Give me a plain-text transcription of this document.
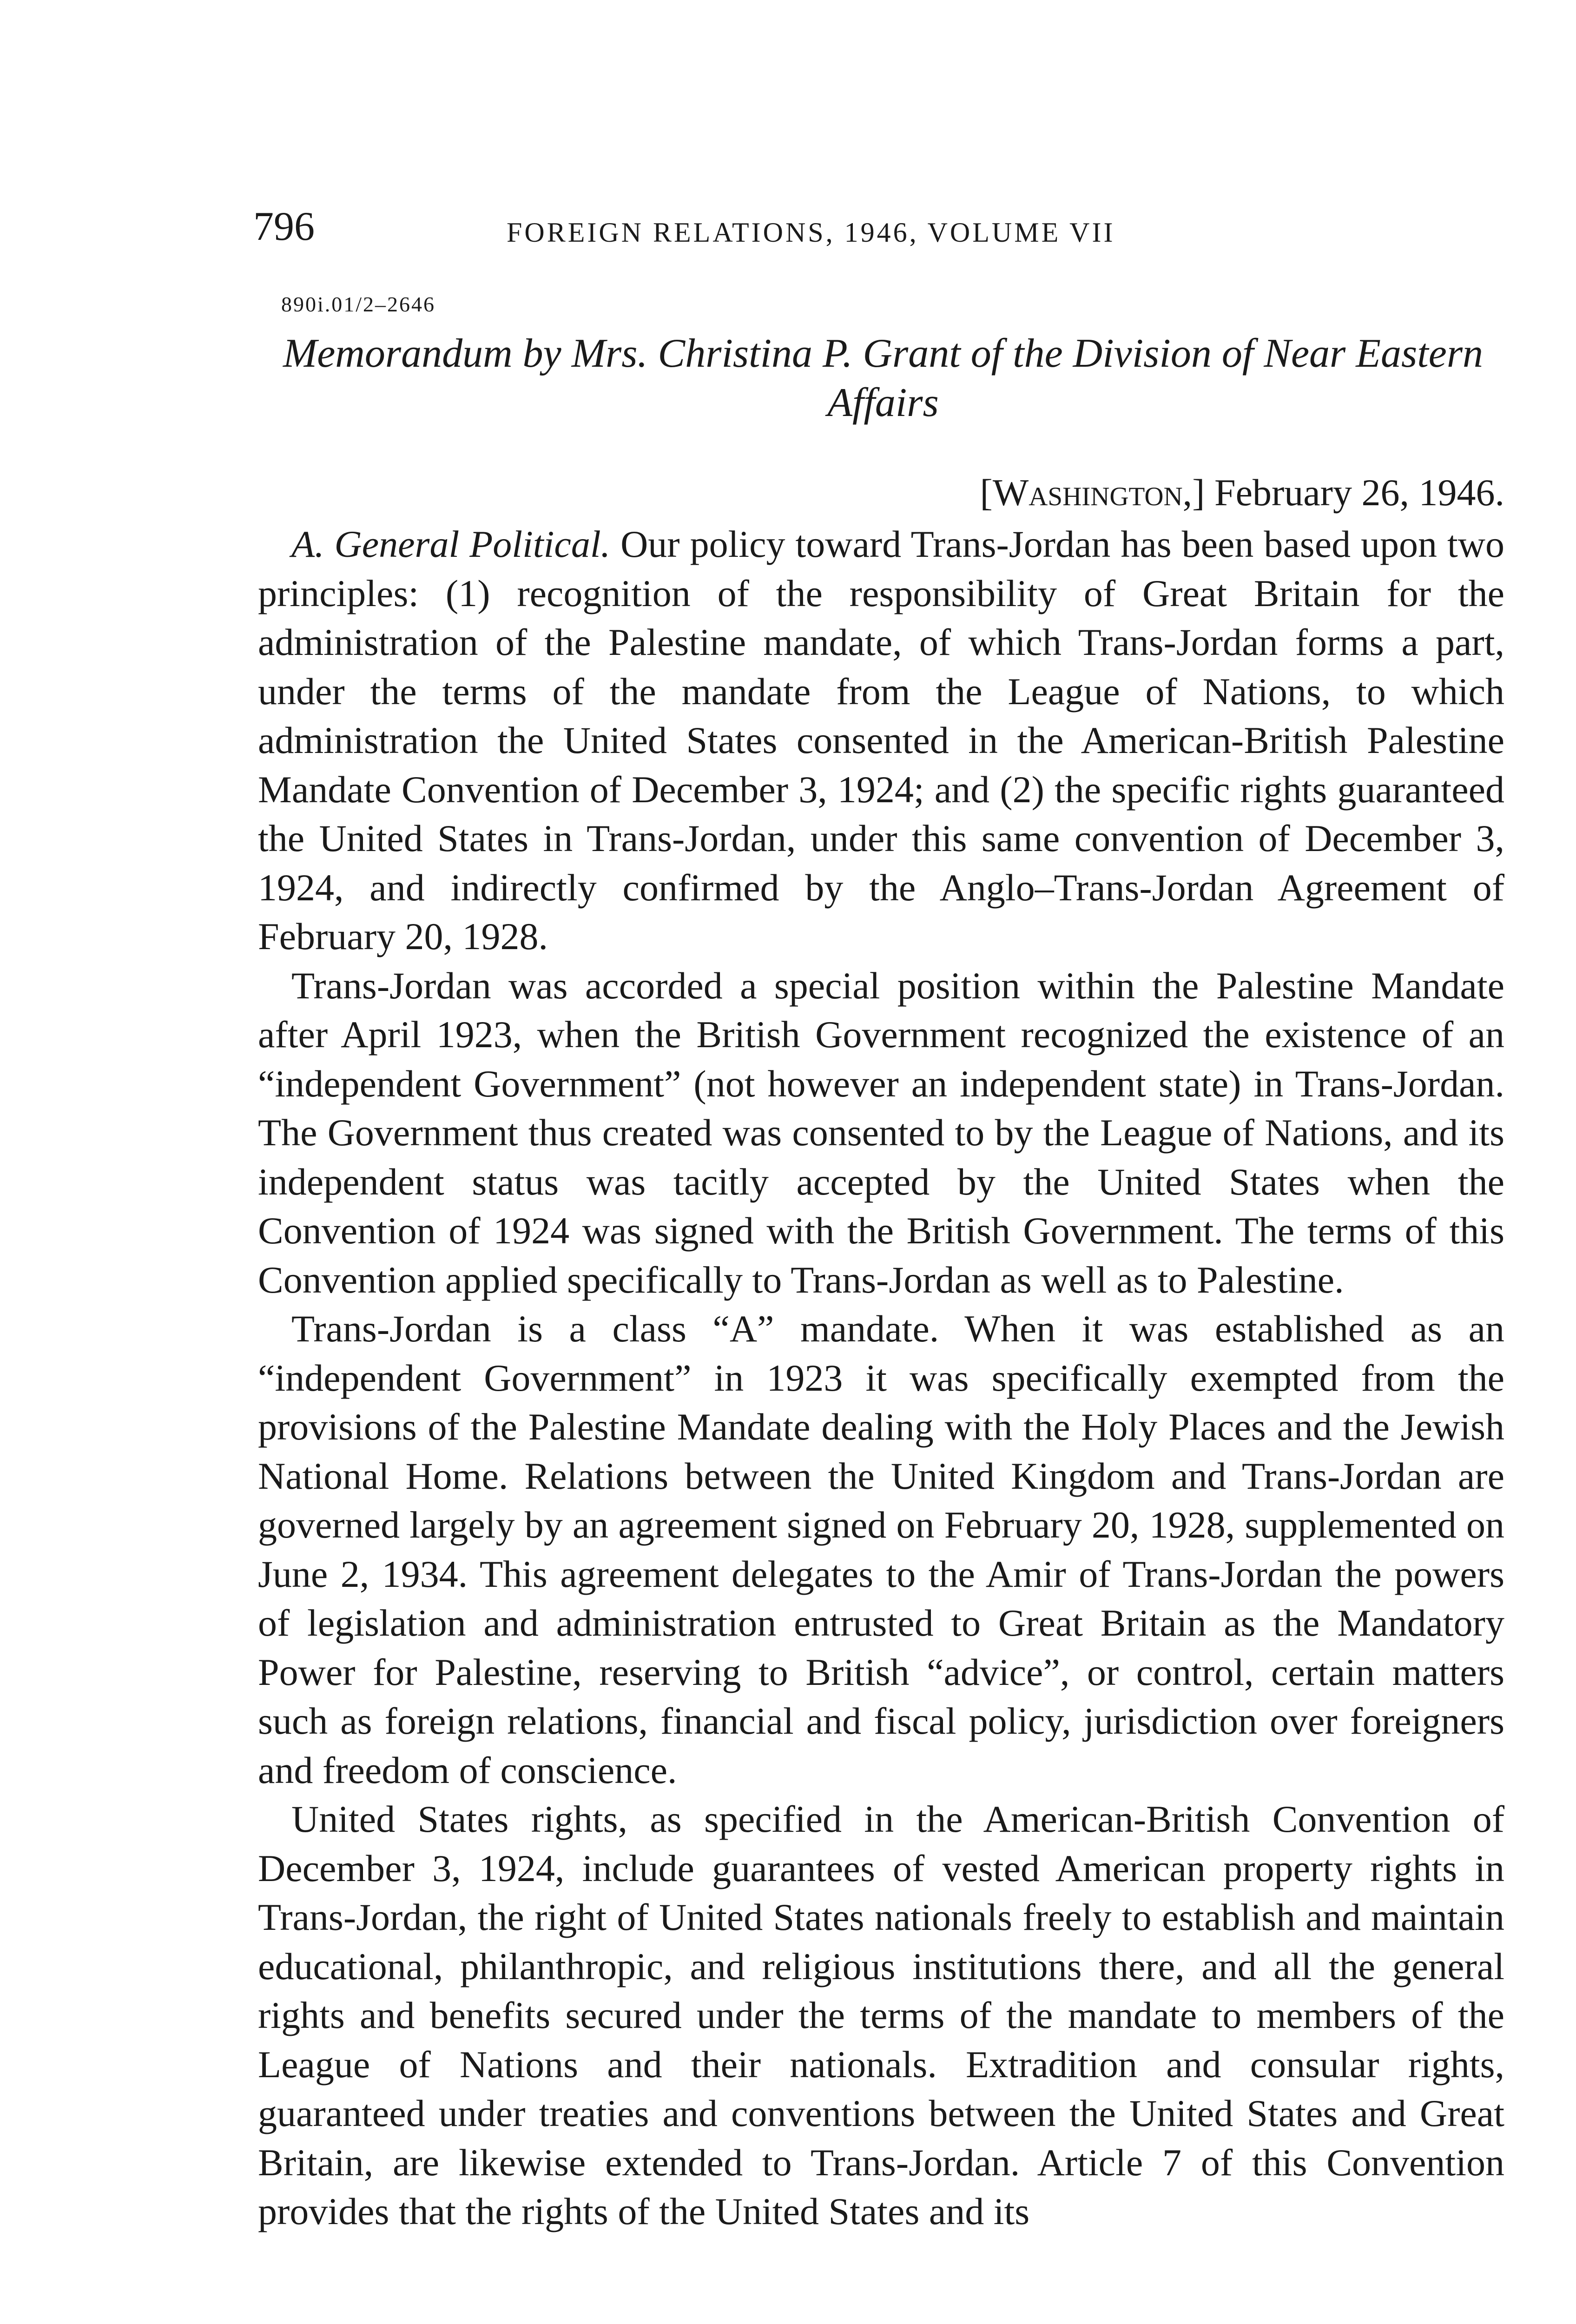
796	FOREIGN RELATIONS, 1946, VOLUME VII
890i.01/2–2646
Memorandum by Mrs. Christina P. Grant of the Division of Near Eastern Affairs
[Washington,] February 26, 1946.

A. General Political. Our policy toward Trans-Jordan has been based upon two principles: (1) recognition of the responsibility of Great Britain for the administration of the Palestine mandate, of which Trans-Jordan forms a part, under the terms of the mandate from the League of Nations, to which administration the United States consented in the American-British Palestine Mandate Convention of December 3, 1924; and (2) the specific rights guaranteed the United States in Trans-Jordan, under this same convention of December 3, 1924, and indirectly confirmed by the Anglo–Trans-Jordan Agreement of February 20, 1928.

Trans-Jordan was accorded a special position within the Palestine Mandate after April 1923, when the British Government recognized the existence of an “independent Government” (not however an independent state) in Trans-Jordan. The Government thus created was consented to by the League of Nations, and its independent status was tacitly accepted by the United States when the Convention of 1924 was signed with the British Government. The terms of this Convention applied specifically to Trans-Jordan as well as to Palestine.

Trans-Jordan is a class “A” mandate. When it was established as an “independent Government” in 1923 it was specifically exempted from the provisions of the Palestine Mandate dealing with the Holy Places and the Jewish National Home. Relations between the United Kingdom and Trans-Jordan are governed largely by an agreement signed on February 20, 1928, supplemented on June 2, 1934. This agreement delegates to the Amir of Trans-Jordan the powers of legislation and administration entrusted to Great Britain as the Mandatory Power for Palestine, reserving to British “advice”, or control, certain matters such as foreign relations, financial and fiscal policy, jurisdiction over foreigners and freedom of conscience.

United States rights, as specified in the American-British Convention of December 3, 1924, include guarantees of vested American property rights in Trans-Jordan, the right of United States nationals freely to establish and maintain educational, philanthropic, and religious institutions there, and all the general rights and benefits secured under the terms of the mandate to members of the League of Nations and their nationals. Extradition and consular rights, guaranteed under treaties and conventions between the United States and Great Britain, are likewise extended to Trans-Jordan. Article 7 of this Convention provides that the rights of the United States and its
